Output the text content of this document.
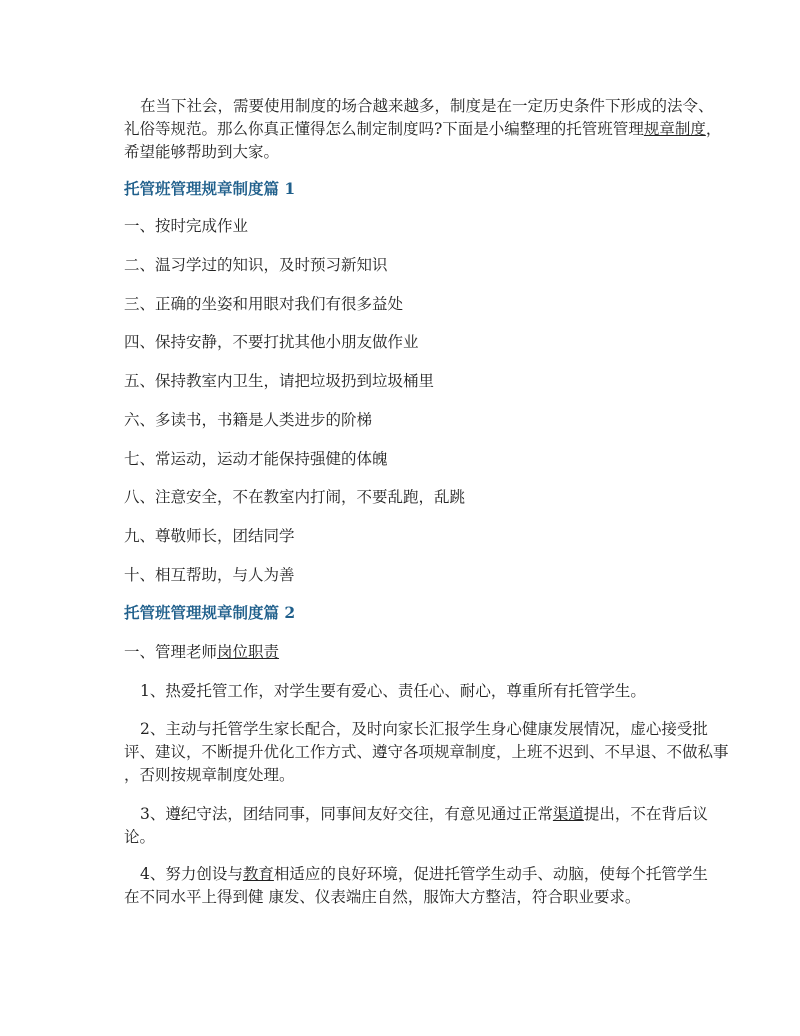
在当下社会，需要使用制度的场合越来越多，制度是在一定历史条件下形成的法令、

礼俗等规范。那么你真正懂得怎么制定制度吗?下面是小编整理的托管班管理规章制度，

希望能够帮助到大家。

托管班管理规章制度篇 1

一、按时完成作业

二、温习学过的知识，及时预习新知识

三、正确的坐姿和用眼对我们有很多益处

四、保持安静，不要打扰其他小朋友做作业

五、保持教室内卫生，请把垃圾扔到垃圾桶里

六、多读书，书籍是人类进步的阶梯

七、常运动，运动才能保持强健的体魄

八、注意安全，不在教室内打闹，不要乱跑，乱跳

九、尊敬师长，团结同学

十、相互帮助，与人为善

托管班管理规章制度篇 2

一、管理老师岗位职责

1、热爱托管工作，对学生要有爱心、责任心、耐心，尊重所有托管学生。

2、主动与托管学生家长配合，及时向家长汇报学生身心健康发展情况，虚心接受批

评、建议，不断提升优化工作方式、遵守各项规章制度，上班不迟到、不早退、不做私事

，否则按规章制度处理。

3、遵纪守法，团结同事，同事间友好交往，有意见通过正常渠道提出，不在背后议

论。

4、努力创设与教育相适应的良好环境，促进托管学生动手、动脑，使每个托管学生

在不同水平上得到健 康发、仪表端庄自然，服饰大方整洁，符合职业要求。
